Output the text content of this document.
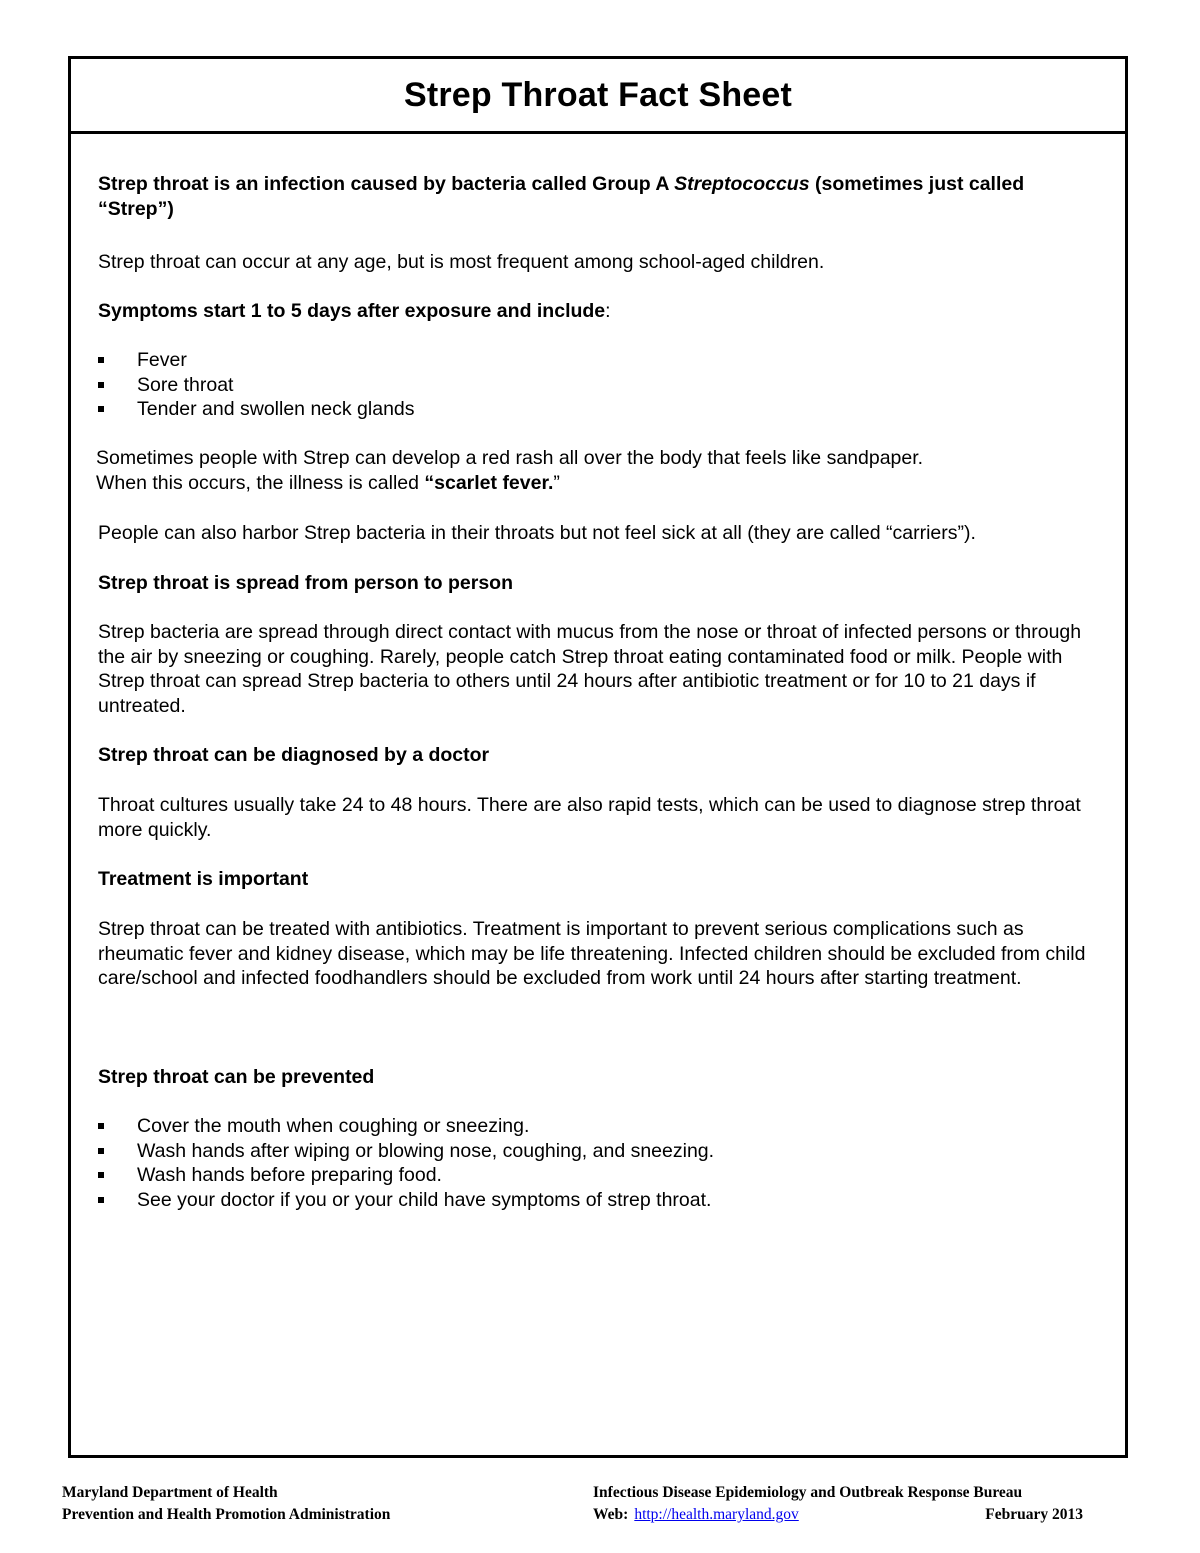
Strep Throat Fact Sheet
Strep throat is an infection caused by bacteria called Group A Streptococcus (sometimes just called “Strep”)
Strep throat can occur at any age, but is most frequent among school-aged children.
Symptoms start 1 to 5 days after exposure and include:
Fever
Sore throat
Tender and swollen neck glands
Sometimes people with Strep can develop a red rash all over the body that feels like sandpaper.
When this occurs, the illness is called “scarlet fever.”
People can also harbor Strep bacteria in their throats but not feel sick at all (they are called “carriers”).
Strep throat is spread from person to person
Strep bacteria are spread through direct contact with mucus from the nose or throat of infected persons or through the air by sneezing or coughing. Rarely, people catch Strep throat eating contaminated food or milk. People with Strep throat can spread Strep bacteria to others until 24 hours after antibiotic treatment or for 10 to 21 days if untreated.
Strep throat can be diagnosed by a doctor
Throat cultures usually take 24 to 48 hours. There are also rapid tests, which can be used to diagnose strep throat more quickly.
Treatment is important
Strep throat can be treated with antibiotics. Treatment is important to prevent serious complications such as rheumatic fever and kidney disease, which may be life threatening. Infected children should be excluded from child care/school and infected foodhandlers should be excluded from work until 24 hours after starting treatment.
Strep throat can be prevented
Cover the mouth when coughing or sneezing.
Wash hands after wiping or blowing nose, coughing, and sneezing.
Wash hands before preparing food.
See your doctor if you or your child have symptoms of strep throat.
Maryland Department of Health
Prevention and Health Promotion Administration
Infectious Disease Epidemiology and Outbreak Response Bureau
Web: http://health.maryland.gov	February 2013
